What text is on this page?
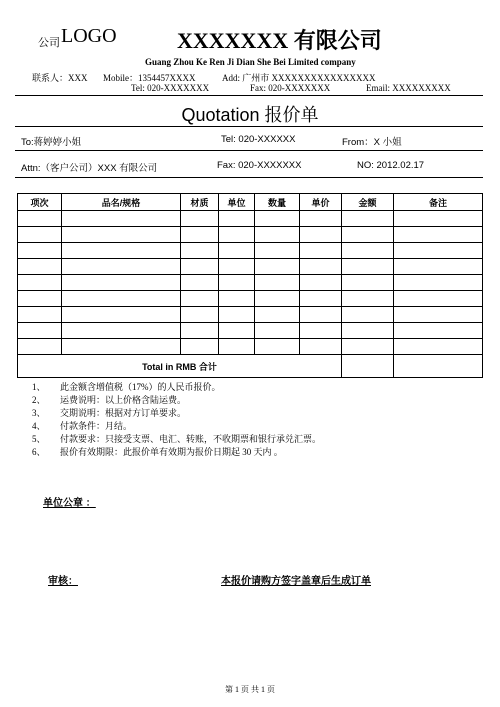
公司 LOGO	XXXXXXX 有限公司
Guang Zhou Ke Ren Ji Dian She Bei Limited company
联系人：XXX Mobile：1354457XXXX	Add: 广州市 XXXXXXXXXXXXXXXX
Tel: 020-XXXXXXX	Fax: 020-XXXXXXX	Email: XXXXXXXXX
Quotation 报价单
To:蒋婷婷小姐	Tel: 020-XXXXXX	From：X 小姐
Attn:（客户公司）XXX 有限公司	Fax: 020-XXXXXXX	NO: 2012.02.17
项次	品名/规格	材质	单位	数量	单价	金额	备注

Total in RMB 合计							
1、 此金额含增值税（17%）的人民币报价。
2、 运费说明：以上价格含陆运费。
3、 交期说明：根据对方订单要求。
4、 付款条件：月结。
5、 付款要求：只接受支票、电汇、转账，不收期票和银行承兑汇票。
6、 报价有效期限：此报价单有效期为报价日期起 30 天内 。
单位公章 ：
审核：	本报价请购方签字盖章后生成订单
第 1 页 共 1 页
